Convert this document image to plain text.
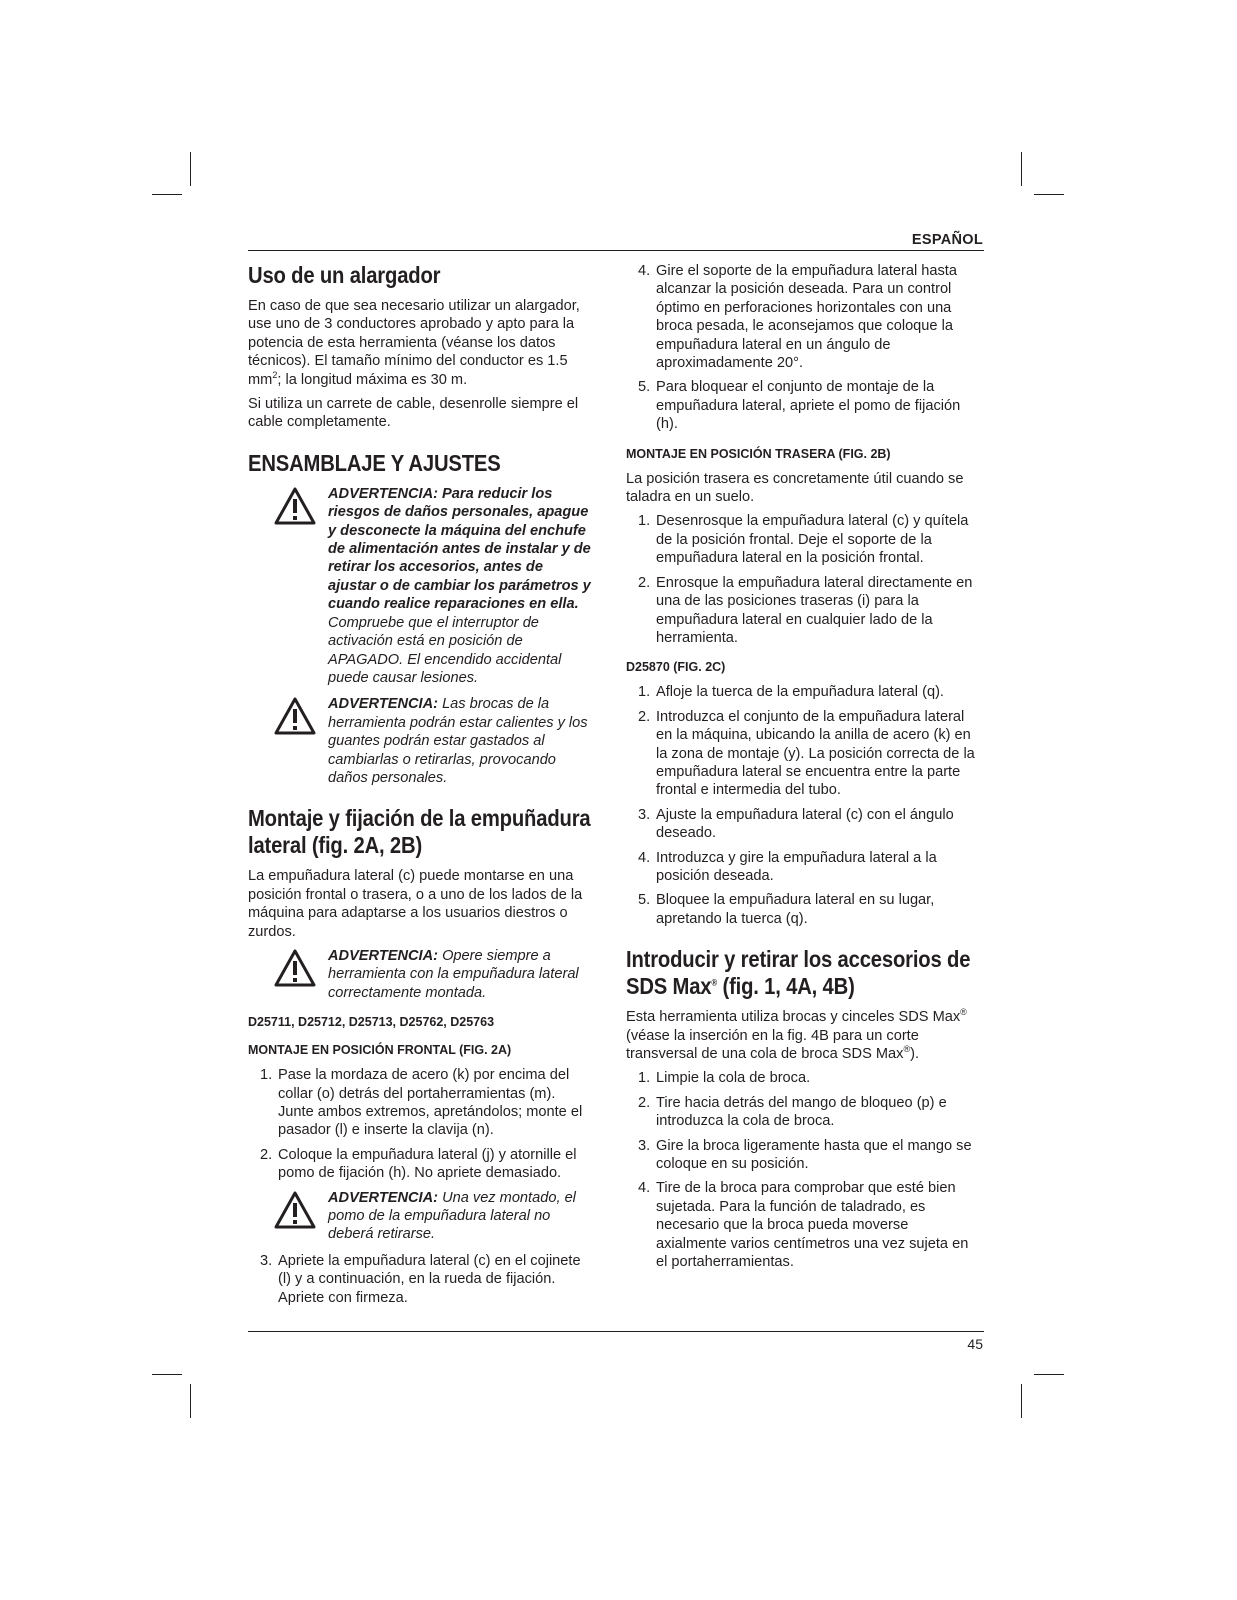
ESPAÑOL
45
Uso de un alargador

En caso de que sea necesario utilizar un alargador, use uno de 3 conductores aprobado y apto para la potencia de esta herramienta (véanse los datos técnicos). El tamaño mínimo del conductor es 1.5 $mm^2$; la longitud máxima es 30 m.

Si utiliza un carrete de cable, desenrolle siempre el cable completamente.

ENSAMBLAJE Y AJUSTES
ADVERTENCIA: Para reducir los riesgos de daños personales, apague y desconecte la máquina del enchufe de alimentación antes de instalar y de retirar los accesorios, antes de ajustar o de cambiar los parámetros y cuando realice reparaciones en ella. Compruebe que el interruptor de activación está en posición de APAGADO. El encendido accidental puede causar lesiones.
ADVERTENCIA: Las brocas de la herramienta podrán estar calientes y los guantes podrán estar gastados al cambiarlas o retirarlas, provocando daños personales.
Montaje y fijación de la empuñadura lateral (fig. 2A, 2B)

La empuñadura lateral (c) puede montarse en una posición frontal o trasera, o a uno de los lados de la máquina para adaptarse a los usuarios diestros o zurdos.

ADVERTENCIA: Opere siempre a herramienta con la empuñadura lateral correctamente montada.
D25711, D25712, D25713, D25762, D25763
MONTAJE EN POSICIÓN FRONTAL (FIG. 2A)
1. Pase la mordaza de acero (k) por encima del collar (o) detrás del portaherramientas (m). Junte ambos extremos, apretándolos; monte el pasador (l) e inserte la clavija (n).
2. Coloque la empuñadura lateral (j) y atornille el pomo de fijación (h). No apriete demasiado.
ADVERTENCIA: Una vez montado, el pomo de la empuñadura lateral no deberá retirarse.
3. Apriete la empuñadura lateral (c) en el cojinete (l) y a continuación, en la rueda de fijación. Apriete con firmeza.
4. Gire el soporte de la empuñadura lateral hasta alcanzar la posición deseada. Para un control óptimo en perforaciones horizontales con una broca pesada, le aconsejamos que coloque la empuñadura lateral en un ángulo de aproximadamente 20°.
5. Para bloquear el conjunto de montaje de la empuñadura lateral, apriete el pomo de fijación (h).
MONTAJE EN POSICIÓN TRASERA (FIG. 2B)

La posición trasera es concretamente útil cuando se taladra en un suelo.

1. Desenrosque la empuñadura lateral (c) y quítela de la posición frontal. Deje el soporte de la empuñadura lateral en la posición frontal.
2. Enrosque la empuñadura lateral directamente en una de las posiciones traseras (i) para la empuñadura lateral en cualquier lado de la herramienta.
D25870 (FIG. 2C)
1. Afloje la tuerca de la empuñadura lateral (q).
2. Introduzca el conjunto de la empuñadura lateral en la máquina, ubicando la anilla de acero (k) en la zona de montaje (y). La posición correcta de la empuñadura lateral se encuentra entre la parte frontal e intermedia del tubo.
3. Ajuste la empuñadura lateral (c) con el ángulo deseado.
4. Introduzca y gire la empuñadura lateral a la posición deseada.
5. Bloquee la empuñadura lateral en su lugar, apretando la tuerca (q).
Introducir y retirar los accesorios de SDS Max® (fig. 1, 4A, 4B)

Esta herramienta utiliza brocas y cinceles SDS Max® (véase la inserción en la fig. 4B para un corte transversal de una cola de broca SDS Max®).

1. Limpie la cola de broca.
2. Tire hacia detrás del mango de bloqueo (p) e introduzca la cola de broca.
3. Gire la broca ligeramente hasta que el mango se coloque en su posición.
4. Tire de la broca para comprobar que esté bien sujetada. Para la función de taladrado, es necesario que la broca pueda moverse axialmente varios centímetros una vez sujeta en el portaherramientas.
